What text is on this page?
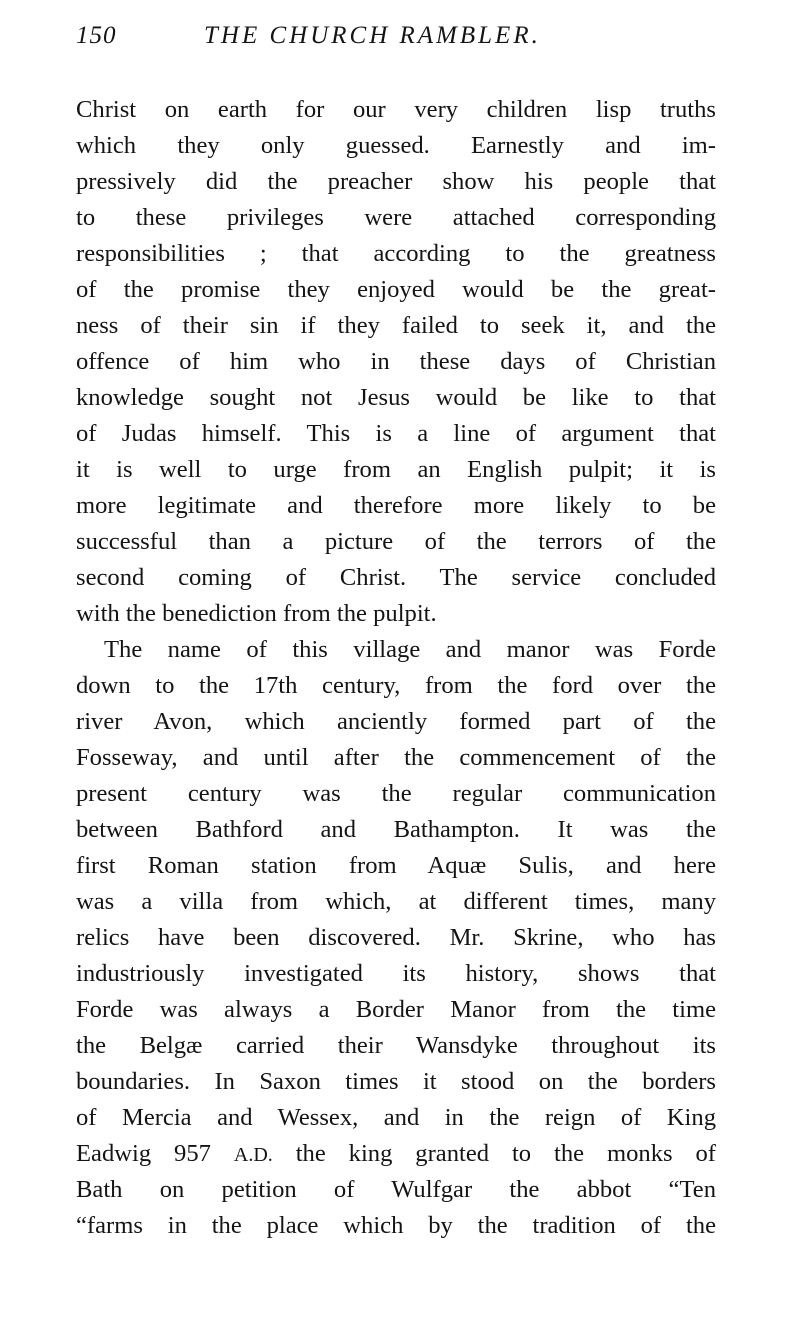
150	THE CHURCH RAMBLER.
Christ on earth for our very children lisp truths
which they only guessed. Earnestly and im-
pressively did the preacher show his people that
to these privileges were attached corresponding
responsibilities ; that according to the greatness
of the promise they enjoyed would be the great-
ness of their sin if they failed to seek it, and the
offence of him who in these days of Christian
knowledge sought not Jesus would be like to that
of Judas himself. This is a line of argument that
it is well to urge from an English pulpit; it is
more legitimate and therefore more likely to be
successful than a picture of the terrors of the
second coming of Christ. The service concluded
with the benediction from the pulpit.
The name of this village and manor was Forde
down to the 17th century, from the ford over the
river Avon, which anciently formed part of the
Fosseway, and until after the commencement of the
present century was the regular communication
between Bathford and Bathampton. It was the
first Roman station from Aquæ Sulis, and here
was a villa from which, at different times, many
relics have been discovered. Mr. Skrine, who has
industriously investigated its history, shows that
Forde was always a Border Manor from the time
the Belgæ carried their Wansdyke throughout its
boundaries. In Saxon times it stood on the borders
of Mercia and Wessex, and in the reign of King
Eadwig 957 A.D. the king granted to the monks of
Bath on petition of Wulfgar the abbot “Ten
“farms in the place which by the tradition of the
